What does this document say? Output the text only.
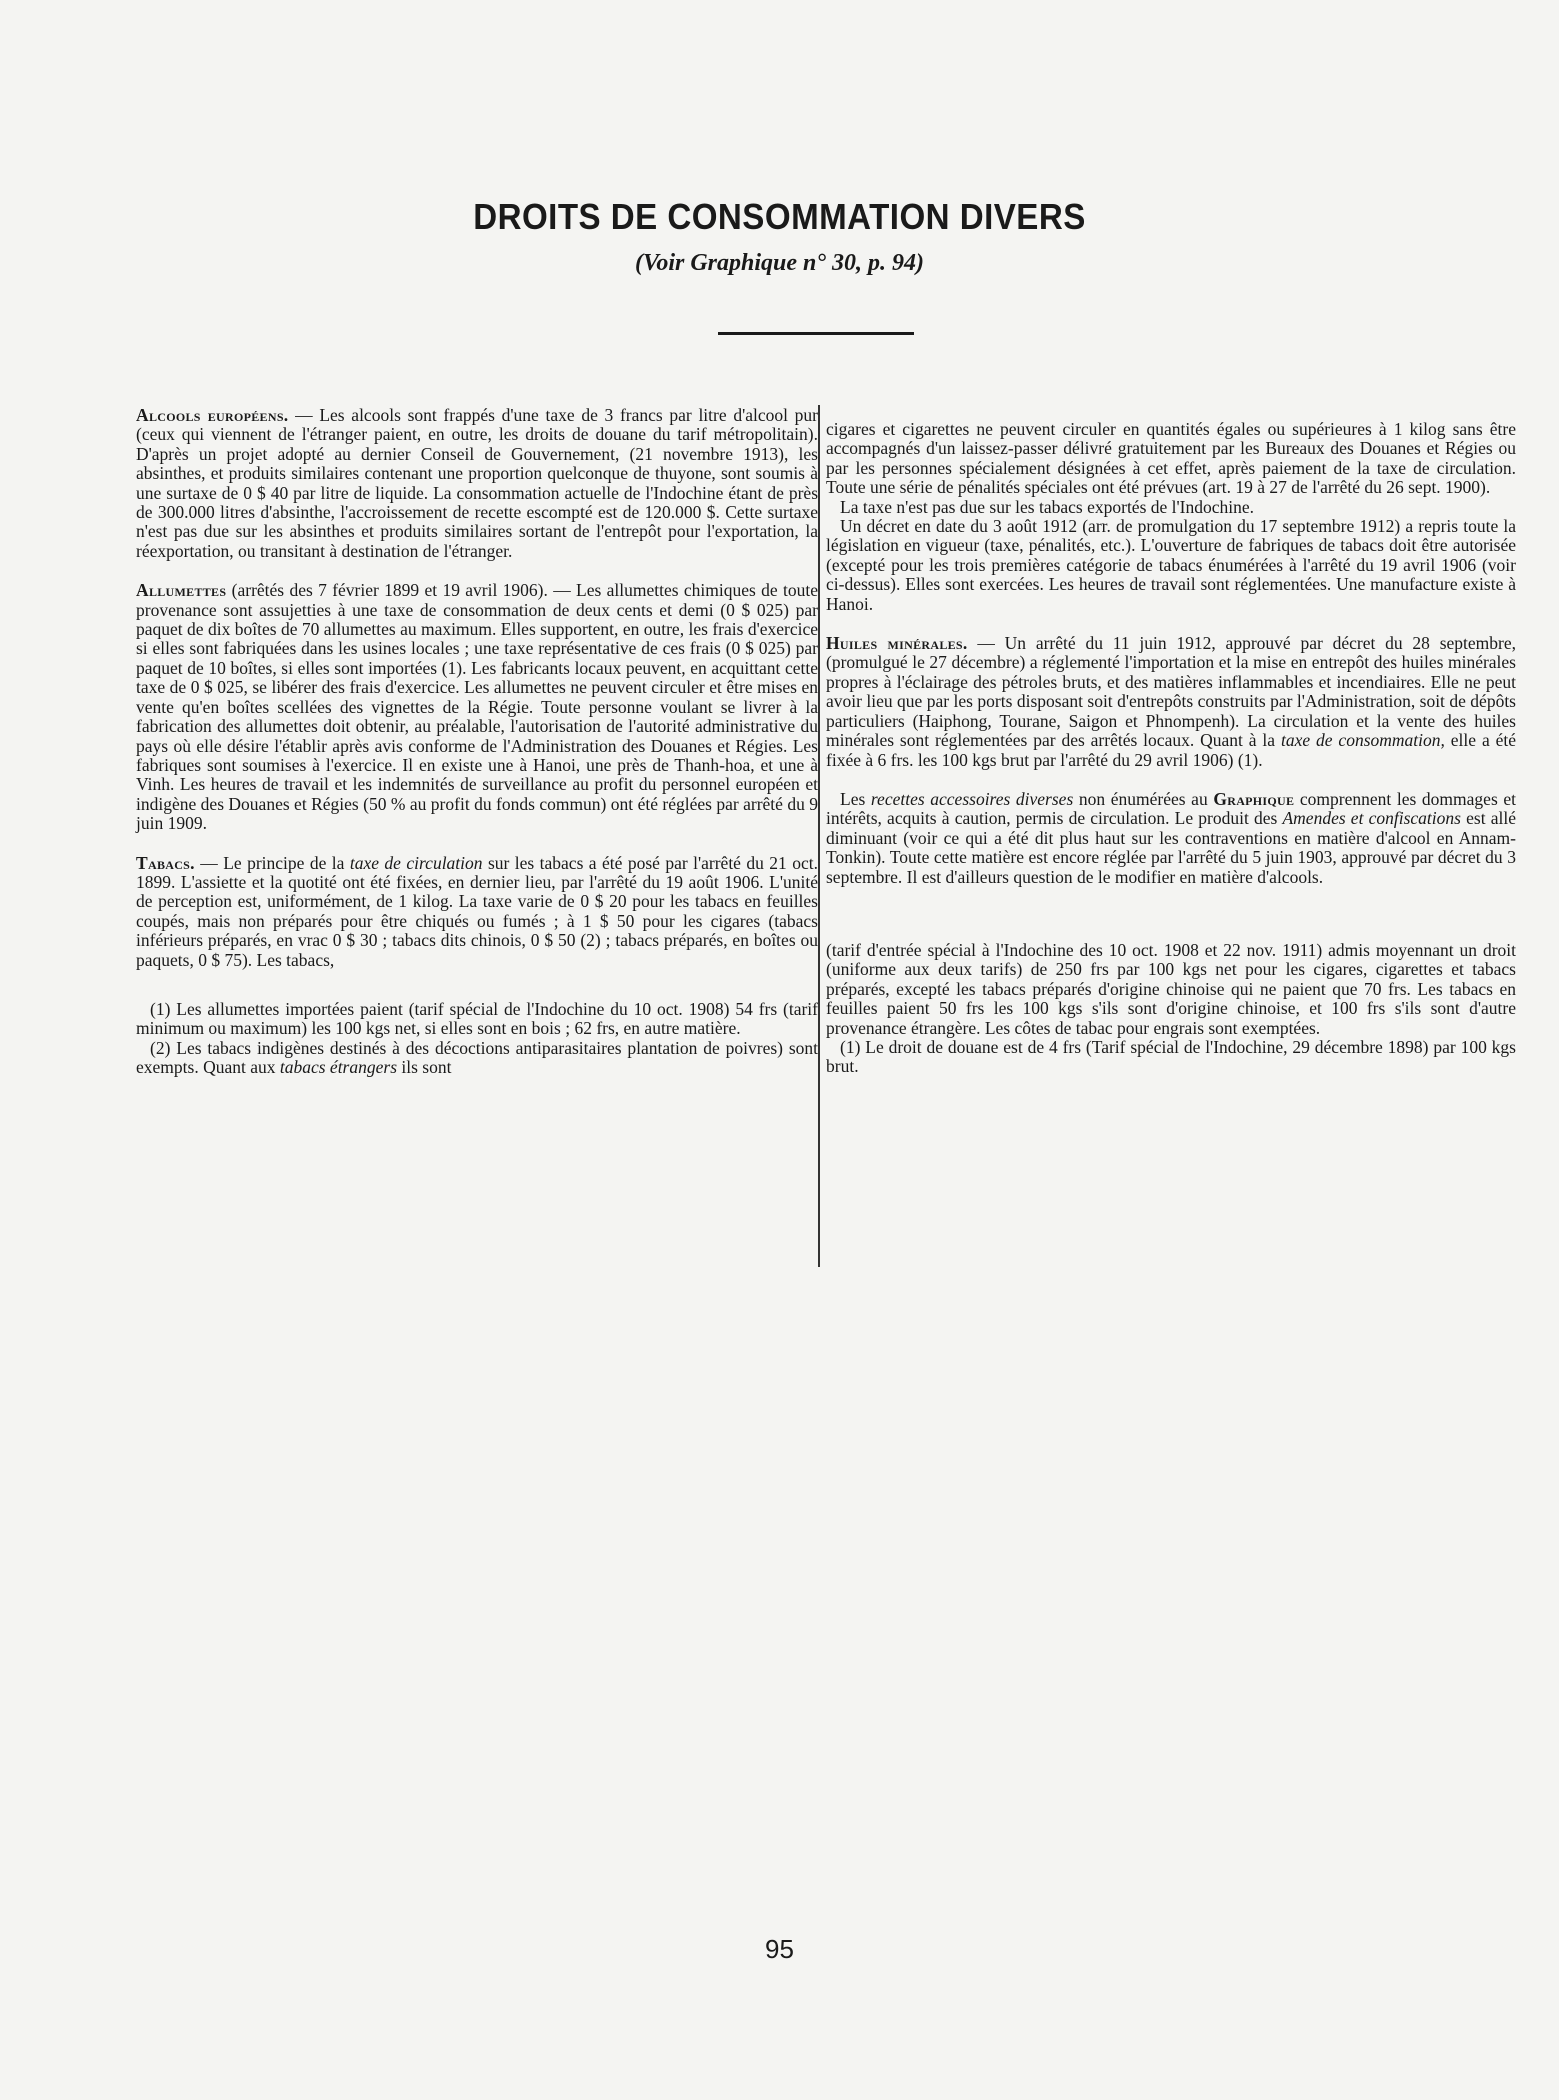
DROITS DE CONSOMMATION DIVERS

(Voir Graphique n° 30, p. 94)

Alcools européens. — Les alcools sont frappés d'une taxe de 3 francs par litre d'alcool pur (ceux qui viennent de l'étranger paient, en outre, les droits de douane du tarif métropolitain). D'après un projet adopté au dernier Conseil de Gouvernement, (21 novembre 1913), les absinthes, et produits similaires contenant une proportion quelconque de thuyone, sont soumis à une surtaxe de 0 $ 40 par litre de liquide. La consommation actuelle de l'Indochine étant de près de 300.000 litres d'absinthe, l'accroissement de recette escompté est de 120.000 $. Cette surtaxe n'est pas due sur les absinthes et produits similaires sortant de l'entrepôt pour l'exportation, la réexportation, ou transitant à destination de l'étranger.

Allumettes (arrêtés des 7 février 1899 et 19 avril 1906). — Les allumettes chimiques de toute provenance sont assujetties à une taxe de consommation de deux cents et demi (0 $ 025) par paquet de dix boîtes de 70 allumettes au maximum. Elles supportent, en outre, les frais d'exercice si elles sont fabriquées dans les usines locales ; une taxe représentative de ces frais (0 $ 025) par paquet de 10 boîtes, si elles sont importées (1). Les fabricants locaux peuvent, en acquittant cette taxe de 0 $ 025, se libérer des frais d'exercice. Les allumettes ne peuvent circuler et être mises en vente qu'en boîtes scellées des vignettes de la Régie. Toute personne voulant se livrer à la fabrication des allumettes doit obtenir, au préalable, l'autorisation de l'autorité administrative du pays où elle désire l'établir après avis conforme de l'Administration des Douanes et Régies. Les fabriques sont soumises à l'exercice. Il en existe une à Hanoi, une près de Thanh-hoa, et une à Vinh. Les heures de travail et les indemnités de surveillance au profit du personnel européen et indigène des Douanes et Régies (50 % au profit du fonds commun) ont été réglées par arrêté du 9 juin 1909.

Tabacs. — Le principe de la taxe de circulation sur les tabacs a été posé par l'arrêté du 21 oct. 1899. L'assiette et la quotité ont été fixées, en dernier lieu, par l'arrêté du 19 août 1906. L'unité de perception est, uniformément, de 1 kilog. La taxe varie de 0 $ 20 pour les tabacs en feuilles coupés, mais non préparés pour être chiqués ou fumés ; à 1 $ 50 pour les cigares (tabacs inférieurs préparés, en vrac 0 $ 30 ; tabacs dits chinois, 0 $ 50 (2) ; tabacs préparés, en boîtes ou paquets, 0 $ 75). Les tabacs,

(1) Les allumettes importées paient (tarif spécial de l'Indochine du 10 oct. 1908) 54 frs (tarif minimum ou maximum) les 100 kgs net, si elles sont en bois ; 62 frs, en autre matière.

(2) Les tabacs indigènes destinés à des décoctions antiparasitaires plantation de poivres) sont exempts. Quant aux tabacs étrangers ils sont

cigares et cigarettes ne peuvent circuler en quantités égales ou supérieures à 1 kilog sans être accompagnés d'un laissez-passer délivré gratuitement par les Bureaux des Douanes et Régies ou par les personnes spécialement désignées à cet effet, après paiement de la taxe de circulation. Toute une série de pénalités spéciales ont été prévues (art. 19 à 27 de l'arrêté du 26 sept. 1900).

La taxe n'est pas due sur les tabacs exportés de l'Indochine.

Un décret en date du 3 août 1912 (arr. de promulgation du 17 septembre 1912) a repris toute la législation en vigueur (taxe, pénalités, etc.). L'ouverture de fabriques de tabacs doit être autorisée (excepté pour les trois premières catégorie de tabacs énumérées à l'arrêté du 19 avril 1906 (voir ci-dessus). Elles sont exercées. Les heures de travail sont réglementées. Une manufacture existe à Hanoi.

Huiles minérales. — Un arrêté du 11 juin 1912, approuvé par décret du 28 septembre, (promulgué le 27 décembre) a réglementé l'importation et la mise en entrepôt des huiles minérales propres à l'éclairage des pétroles bruts, et des matières inflammables et incendiaires. Elle ne peut avoir lieu que par les ports disposant soit d'entrepôts construits par l'Administration, soit de dépôts particuliers (Haiphong, Tourane, Saigon et Phnompenh). La circulation et la vente des huiles minérales sont réglementées par des arrêtés locaux. Quant à la taxe de consommation, elle a été fixée à 6 frs. les 100 kgs brut par l'arrêté du 29 avril 1906) (1).

Les recettes accessoires diverses non énumérées au Graphique comprennent les dommages et intérêts, acquits à caution, permis de circulation. Le produit des Amendes et confiscations est allé diminuant (voir ce qui a été dit plus haut sur les contraventions en matière d'alcool en Annam-Tonkin). Toute cette matière est encore réglée par l'arrêté du 5 juin 1903, approuvé par décret du 3 septembre. Il est d'ailleurs question de le modifier en matière d'alcools.

(tarif d'entrée spécial à l'Indochine des 10 oct. 1908 et 22 nov. 1911) admis moyennant un droit (uniforme aux deux tarifs) de 250 frs par 100 kgs net pour les cigares, cigarettes et tabacs préparés, excepté les tabacs préparés d'origine chinoise qui ne paient que 70 frs. Les tabacs en feuilles paient 50 frs les 100 kgs s'ils sont d'origine chinoise, et 100 frs s'ils sont d'autre provenance étrangère. Les côtes de tabac pour engrais sont exemptées.

(1) Le droit de douane est de 4 frs (Tarif spécial de l'Indochine, 29 décembre 1898) par 100 kgs brut.

95
